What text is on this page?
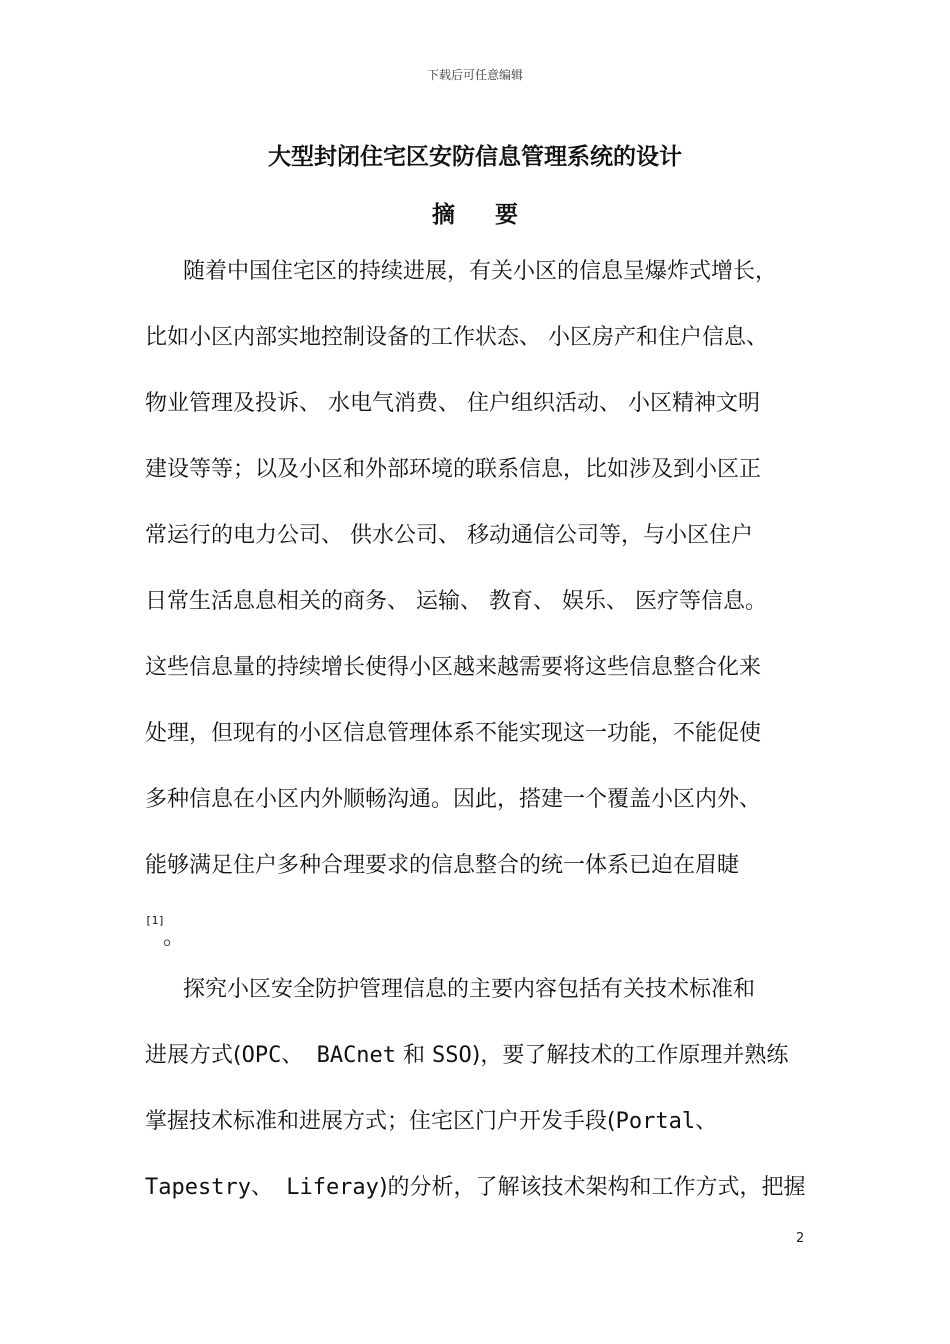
下载后可任意编辑
大型封闭住宅区安防信息管理系统的设计
摘要
随着中国住宅区的持续进展，有关小区的信息呈爆炸式增长，
比如小区内部实地控制设备的工作状态、 小区房产和住户信息、
物业管理及投诉、 水电气消费、 住户组织活动、 小区精神文明
建设等等；以及小区和外部环境的联系信息，比如涉及到小区正
常运行的电力公司、 供水公司、 移动通信公司等，与小区住户
日常生活息息相关的商务、 运输、 教育、 娱乐、 医疗等信息。
这些信息量的持续增长使得小区越来越需要将这些信息整合化来
处理，但现有的小区信息管理体系不能实现这一功能，不能促使
多种信息在小区内外顺畅沟通。因此，搭建一个覆盖小区内外、
能够满足住户多种合理要求的信息整合的统一体系已迫在眉睫
[1]
。
探究小区安全防护管理信息的主要内容包括有关技术标准和
进展方式(OPC、 BACnet 和 SSO)，要了解技术的工作原理并熟练
掌握技术标准和进展方式；住宅区门户开发手段(Portal、
Tapestry、 Liferay)的分析，了解该技术架构和工作方式，把握
2
